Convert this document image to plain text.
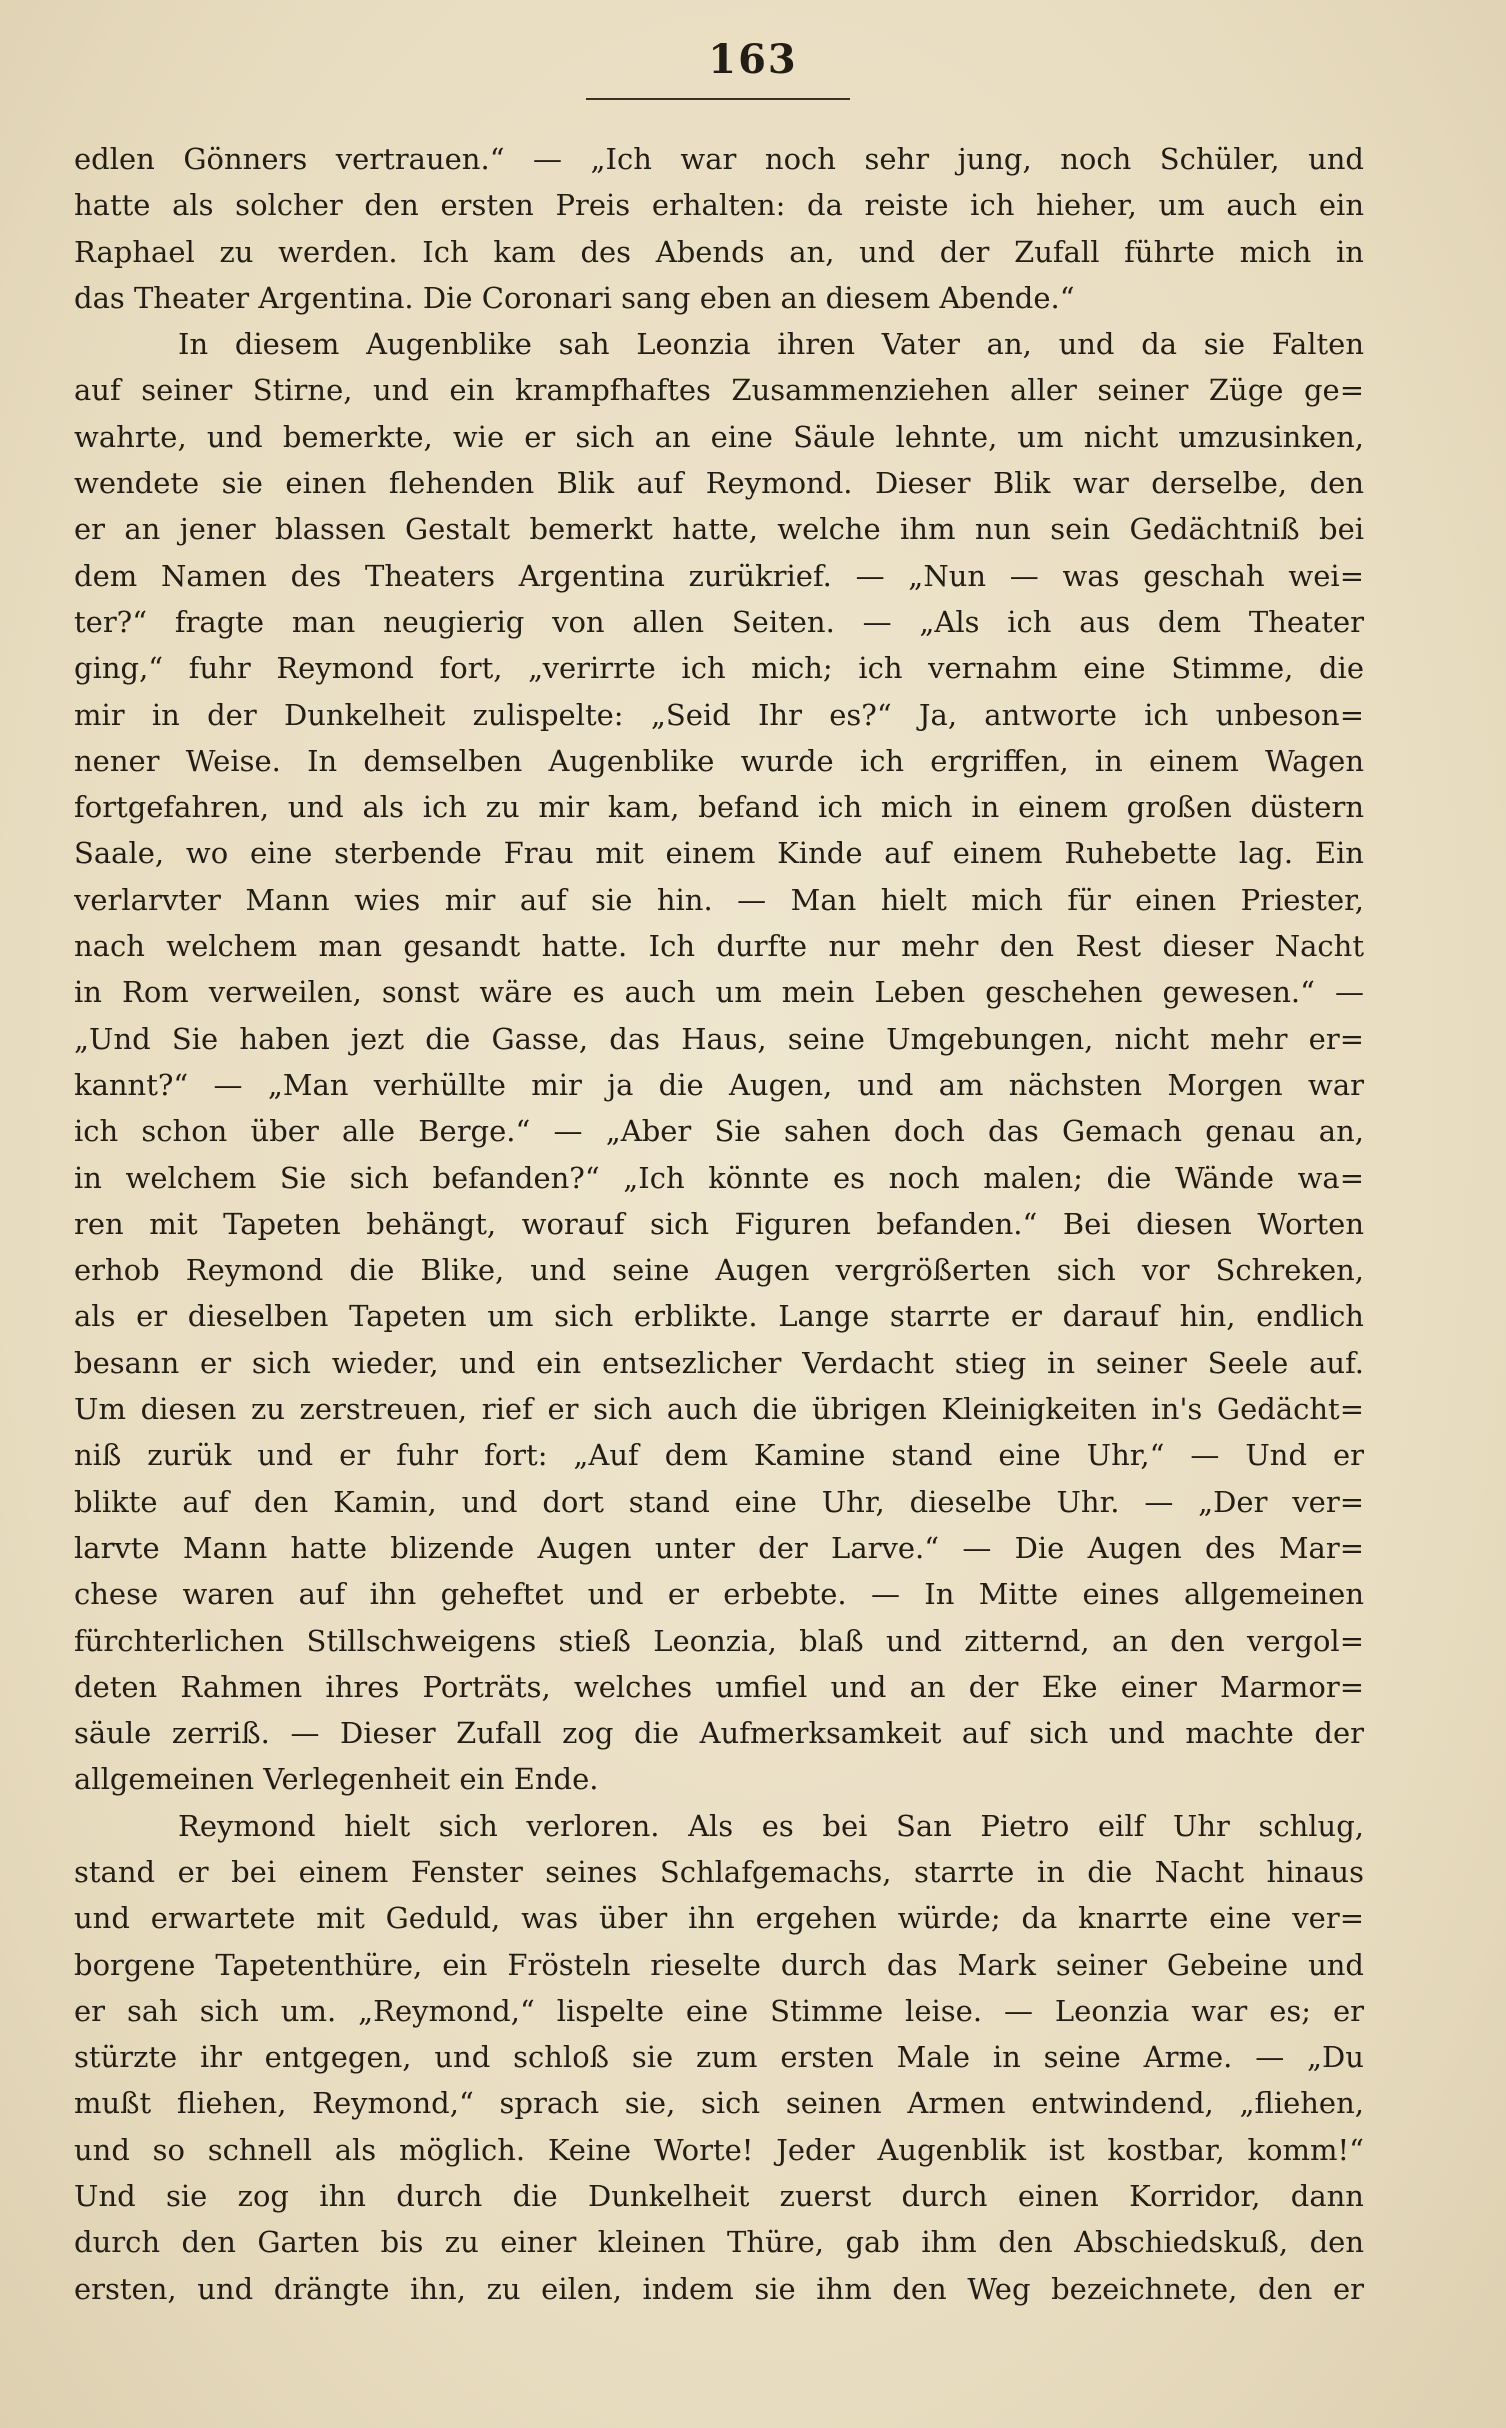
163
edlen Gönners vertrauen.“ — „Ich war noch sehr jung, noch Schüler, und
hatte als solcher den ersten Preis erhalten: da reiste ich hieher, um auch ein
Raphael zu werden. Ich kam des Abends an, und der Zufall führte mich in
das Theater Argentina. Die Coronari sang eben an diesem Abende.“
In diesem Augenblike sah Leonzia ihren Vater an, und da sie Falten
auf seiner Stirne, und ein krampfhaftes Zusammenziehen aller seiner Züge ge=
wahrte, und bemerkte, wie er sich an eine Säule lehnte, um nicht umzusinken,
wendete sie einen flehenden Blik auf Reymond. Dieser Blik war derselbe, den
er an jener blassen Gestalt bemerkt hatte, welche ihm nun sein Gedächtniß bei
dem Namen des Theaters Argentina zurükrief. — „Nun — was geschah wei=
ter?“ fragte man neugierig von allen Seiten. — „Als ich aus dem Theater
ging,“ fuhr Reymond fort, „verirrte ich mich; ich vernahm eine Stimme, die
mir in der Dunkelheit zulispelte: „Seid Ihr es?“ Ja, antworte ich unbeson=
nener Weise. In demselben Augenblike wurde ich ergriffen, in einem Wagen
fortgefahren, und als ich zu mir kam, befand ich mich in einem großen düstern
Saale, wo eine sterbende Frau mit einem Kinde auf einem Ruhebette lag. Ein
verlarvter Mann wies mir auf sie hin. — Man hielt mich für einen Priester,
nach welchem man gesandt hatte. Ich durfte nur mehr den Rest dieser Nacht
in Rom verweilen, sonst wäre es auch um mein Leben geschehen gewesen.“ —
„Und Sie haben jezt die Gasse, das Haus, seine Umgebungen, nicht mehr er=
kannt?“ — „Man verhüllte mir ja die Augen, und am nächsten Morgen war
ich schon über alle Berge.“ — „Aber Sie sahen doch das Gemach genau an,
in welchem Sie sich befanden?“ „Ich könnte es noch malen; die Wände wa=
ren mit Tapeten behängt, worauf sich Figuren befanden.“ Bei diesen Worten
erhob Reymond die Blike, und seine Augen vergrößerten sich vor Schreken,
als er dieselben Tapeten um sich erblikte. Lange starrte er darauf hin, endlich
besann er sich wieder, und ein entsezlicher Verdacht stieg in seiner Seele auf.
Um diesen zu zerstreuen, rief er sich auch die übrigen Kleinigkeiten in's Gedächt=
niß zurük und er fuhr fort: „Auf dem Kamine stand eine Uhr,“ — Und er
blikte auf den Kamin, und dort stand eine Uhr, dieselbe Uhr. — „Der ver=
larvte Mann hatte blizende Augen unter der Larve.“ — Die Augen des Mar=
chese waren auf ihn geheftet und er erbebte. — In Mitte eines allgemeinen
fürchterlichen Stillschweigens stieß Leonzia, blaß und zitternd, an den vergol=
deten Rahmen ihres Porträts, welches umfiel und an der Eke einer Marmor=
säule zerriß. — Dieser Zufall zog die Aufmerksamkeit auf sich und machte der
allgemeinen Verlegenheit ein Ende.
Reymond hielt sich verloren. Als es bei San Pietro eilf Uhr schlug,
stand er bei einem Fenster seines Schlafgemachs, starrte in die Nacht hinaus
und erwartete mit Geduld, was über ihn ergehen würde; da knarrte eine ver=
borgene Tapetenthüre, ein Frösteln rieselte durch das Mark seiner Gebeine und
er sah sich um. „Reymond,“ lispelte eine Stimme leise. — Leonzia war es; er
stürzte ihr entgegen, und schloß sie zum ersten Male in seine Arme. — „Du
mußt fliehen, Reymond,“ sprach sie, sich seinen Armen entwindend, „fliehen,
und so schnell als möglich. Keine Worte! Jeder Augenblik ist kostbar, komm!“
Und sie zog ihn durch die Dunkelheit zuerst durch einen Korridor, dann
durch den Garten bis zu einer kleinen Thüre, gab ihm den Abschiedskuß, den
ersten, und drängte ihn, zu eilen, indem sie ihm den Weg bezeichnete, den er
